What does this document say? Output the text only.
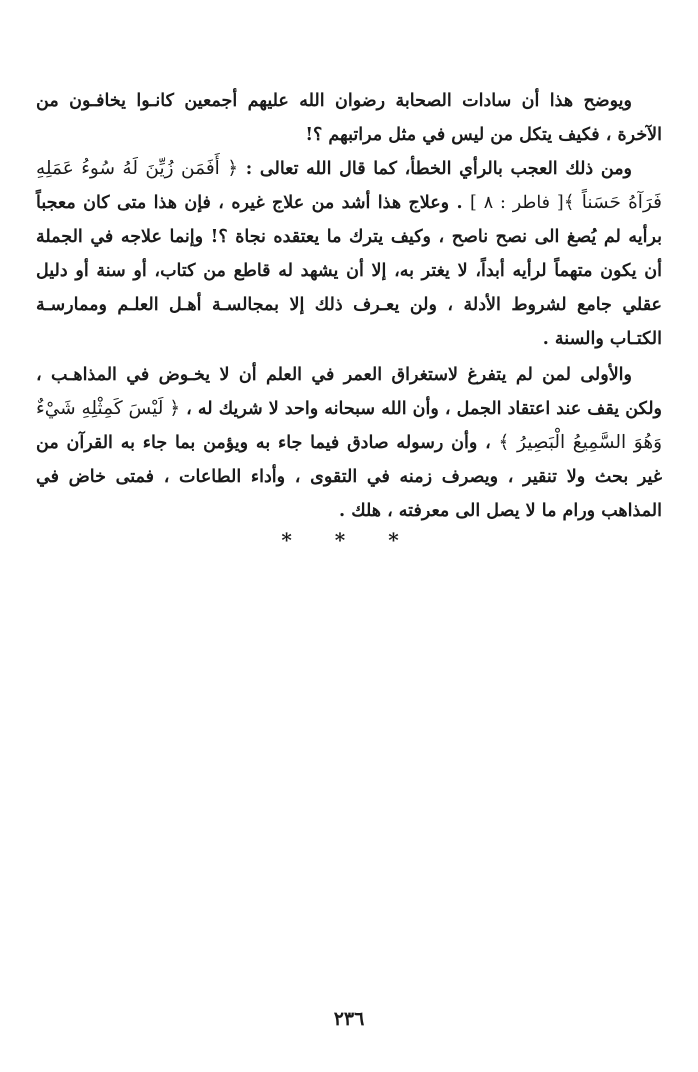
ويوضح هذا أن سادات الصحابة رضوان الله عليهم أجمعين كانـوا يخافـون من الآخرة ، فكيف يتكل من ليس في مثل مراتبهم ؟!

ومن ذلك العجب بالرأي الخطأ، كما قال الله تعالى : ﴿ أَفَمَن زُيِّنَ لَهُ سُوءُ عَمَلِهِ فَرَآهُ حَسَناً ﴾[ فاطر : ٨ ] . وعلاج هذا أشد من علاج غيره ، فإن هذا متى كان معجباً برأيه لم يُصغ الى نصح ناصح ، وكيف يترك ما يعتقده نجاة ؟! وإنما علاجه في الجملة أن يكون متهماً لرأيه أبداً، لا يغتر به، إلا أن يشهد له قاطع من كتاب، أو سنة أو دليل عقلي جامع لشروط الأدلة ، ولن يعـرف ذلك إلا بمجالسـة أهـل العلـم وممارسـة الكتـاب والسنة .

والأولى لمن لم يتفرغ لاستغراق العمر في العلم أن لا يخـوض في المذاهـب ، ولكن يقف عند اعتقاد الجمل ، وأن الله سبحانه واحد لا شريك له ، ﴿ لَيْسَ كَمِثْلِهِ شَيْءٌ وَهُوَ السَّمِيعُ الْبَصِيرُ ﴾ ، وأن رسوله صادق فيما جاء به ويؤمن بما جاء به القرآن من غير بحث ولا تنقير ، ويصرف زمنه في التقوى ، وأداء الطاعات ، فمتى خاض في المذاهب ورام ما لا يصل الى معرفته ، هلك .

* * *
٢٣٦
